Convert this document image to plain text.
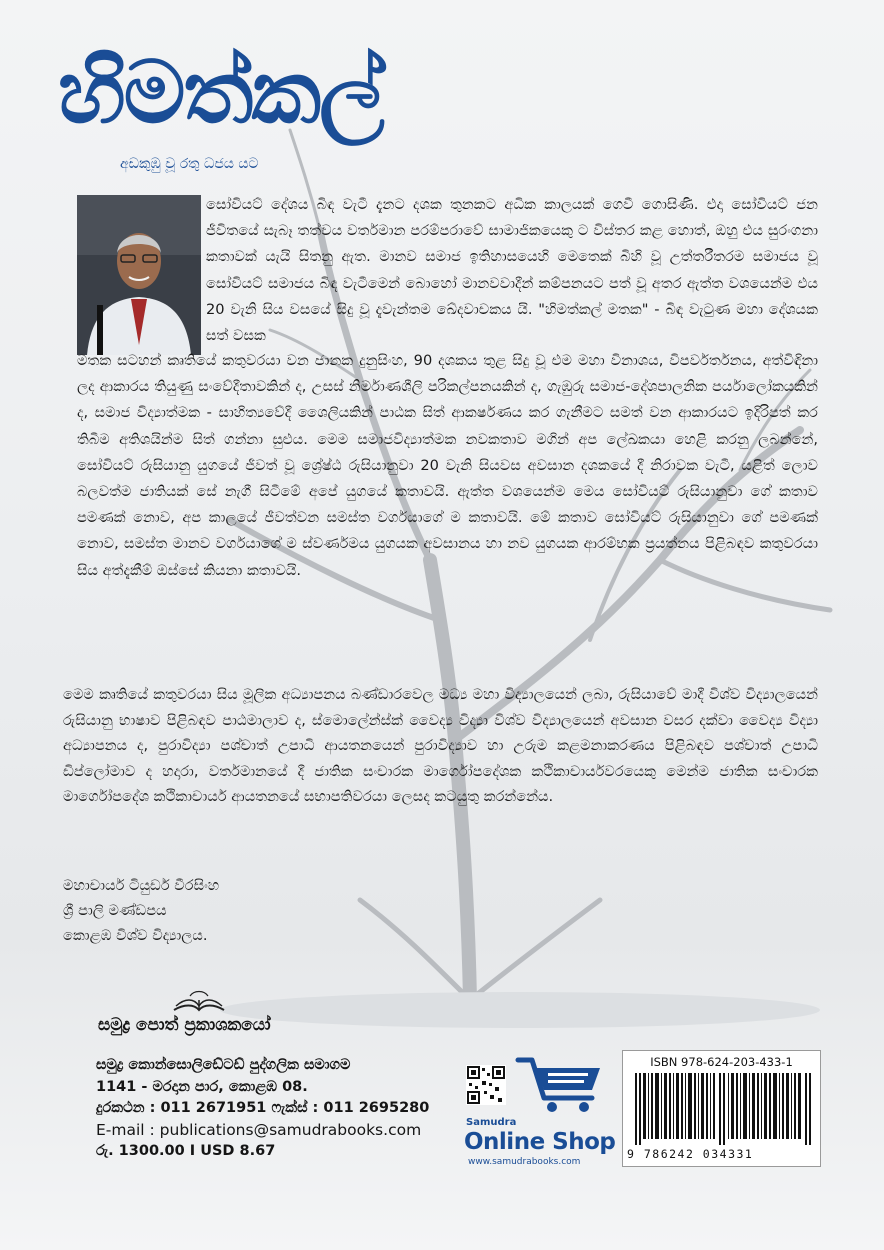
හිමත්කල්
අඩකුඹු වූ රතු ධජය යට
සෝවියට් දේශය බිඳ වැටී දැනට දශක තුනකට අධික කාලයක් ගෙවී ගොසිණි. එදා සෝවියට් ජන ජීවිතයේ සැබෑ තත්වය වර්තමාන පරම්පරාවේ සාමාජිකයෙකු ට විස්තර කළ හොත්, ඔහු එය සුරංගනා කතාවක් යැයි සිතනු ඇත. මානව සමාජ ඉතිහාසයෙහි මෙතෙක් බිහි වූ උත්තරීතරම සමාජය වූ සෝවියට් සමාජය බිඳ වැටීමෙන් බොහෝ මානවවාදීන් කම්පනයට පත් වූ අතර ඇත්ත වශයෙන්ම එය 20 වැනි සිය වසයේ සිදු වූ දැවැන්තම ඛේදවාචකය යි. "හිමත්කල් මතක" - බිඳ වැටුණ මහා දේශයක සත් වසක
මතක සටහන් කෘතියේ කතුවරයා වන ජානක දුනුසිංහ, 90 දශකය තුළ සිදු වූ එම මහා විනාශය, විපර්වර්තනය, අත්විඳිනා ලද ආකාරය තියුණු සංවේදීතාවකින් ද, උසස් නිර්මාණශීලි පරිකල්පනයකින් ද, ගැඹුරු සමාජ-දේශපාලනික පර්යාලෝකයකින් ද, සමාජ විද්‍යාත්මක - සාහිත්‍යවේදී ශෛලියකින් පාඨක සිත් ආකර්ෂණය කර ගැනීමට සමත් වන ආකාරයට ඉදිරිපත් කර තිබීම අතිශයින්ම සිත් ගන්නා සුළුය. මෙම සමාජවිද්‍යාත්මක නවකතාව මගින් අප ලේඛකයා හෙළි කරනු ලබන්නේ, සෝවියට් රුසියානු යුගයේ ජීවත් වූ ශ්‍රේෂ්ඨ රුසියානුවා 20 වැනි සියවස අවසාන දශකයේ දී නිරාවක වැටී, යළිත් ලොව බලවත්ම ජාතියක් සේ නැගී සිටීමේ අපේ යුගයේ කතාවයි. ඇත්ත වශයෙන්ම මෙය සෝවියට් රුසියානුවා ගේ කතාව පමණක් නොව, අප කාලයේ ජීවත්වන සමස්ත වර්ගයාගේ ම කතාවයි. මේ කතාව සෝවියට් රුසියානුවා ගේ පමණක් නොව, සමස්ත මානව වර්ගයාගේ ම ස්වර්ණමය යුගයක අවසානය හා නව යුගයක ආරම්භක ප්‍රයත්නය පිළිබඳව කතුවරයා සිය අත්දැකීම් ඔස්සේ කියනා කතාවයි.
මෙම කෘතියේ කතුවරයා සිය මූලික අධ්‍යාපනය බණ්ඩාරවෙල මධ්‍ය මහා විද්‍යාලයෙන් ලබා, රුසියාවේ මාදී විශ්ව විද්‍යාලයෙන් රුසියානු භාෂාව පිළිබඳව පාඨමාලාව ද, ස්මොලේන්ස්ක් වෛද්‍ය විද්‍යා විශ්ව විද්‍යාලයෙන් අවසාන වසර දක්වා වෛද්‍ය විද්‍යා අධ්‍යාපනය ද, පුරාවිද්‍යා පශ්චාත් උපාධි ආයතනයෙන් පුරාවිද්‍යාව හා උරුම කළමනාකරණය පිළිබඳව පශ්චාත් උපාධි ඩිප්ලෝමාව ද හදාරා, වර්තමානයේ දී ජාතික සංචාරක මාර්ගෝපදේශක කථිකාචාර්යවරයෙකු මෙන්ම ජාතික සංචාරක මාර්ගෝපදේශ කථිකාචාර්ය ආයතනයේ සභාපතිවරයා ලෙසද කටයුතු කරන්නේය.
මහාචාර්ය ටියුඩර් වීරසිංහ
ශ්‍රී පාලි මණ්ඩපය
කොළඹ විශ්ව විද්‍යාලය.
සමුද්‍ර පොත් ප්‍රකාශකයෝ
සමුද්‍ර කොන්සොලිඩේටඩ් පුද්ගලික සමාගම
1141 - මරදාන පාර, කොළඹ 08.
දුරකථන : 011 2671951 ෆැක්ස් : 011 2695280
E-mail : publications@samudrabooks.com
රු. 1300.00 I USD 8.67
Samudra
Online Shop
www.samudrabooks.com
ISBN 978-624-203-433-1
9 786242 034331
